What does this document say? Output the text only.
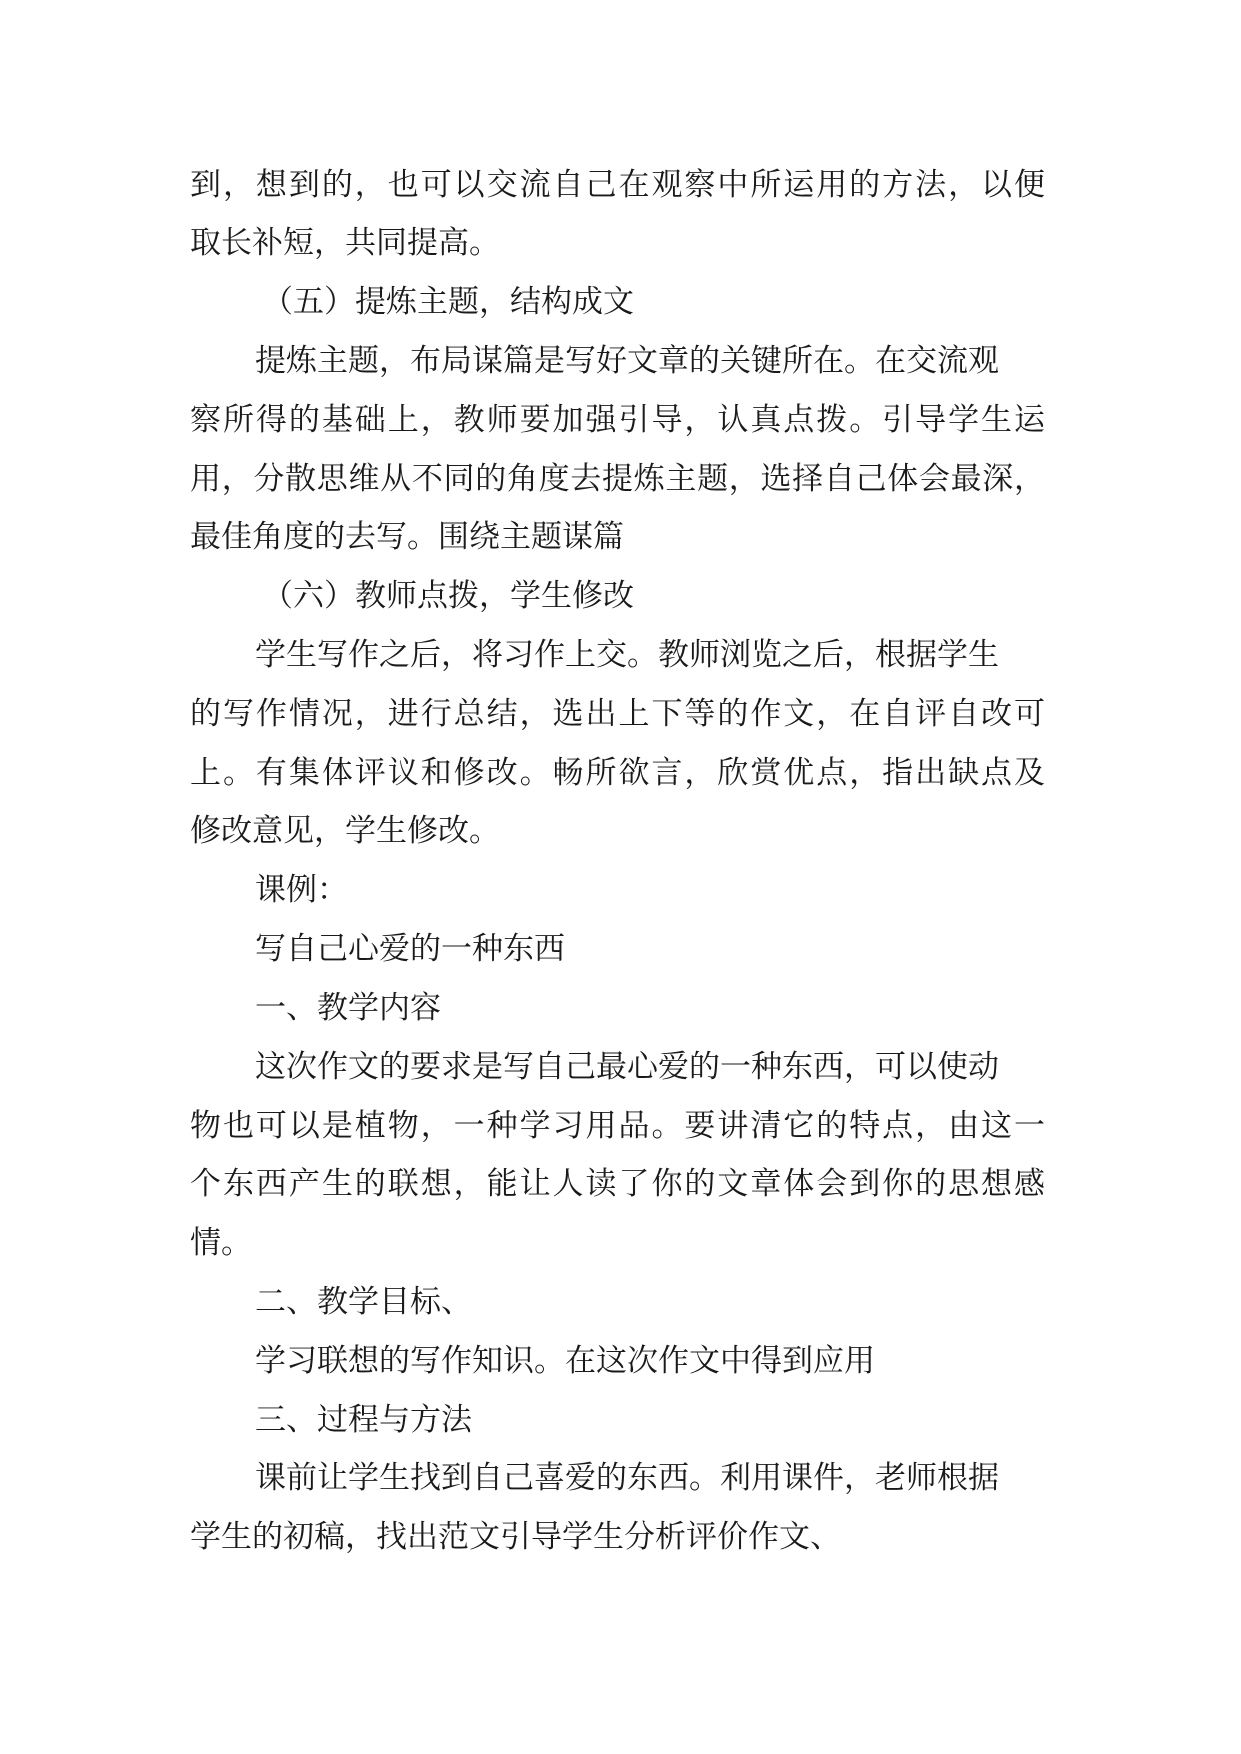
到，想到的，也可以交流自己在观察中所运用的方法，以便
取长补短，共同提高。
（五）提炼主题，结构成文
提炼主题，布局谋篇是写好文章的关键所在。在交流观
察所得的基础上，教师要加强引导，认真点拨。引导学生运
用，分散思维从不同的角度去提炼主题，选择自己体会最深，
最佳角度的去写。围绕主题谋篇
（六）教师点拨，学生修改
学生写作之后，将习作上交。教师浏览之后，根据学生
的写作情况，进行总结，选出上下等的作文，在自评自改可
上。有集体评议和修改。畅所欲言，欣赏优点，指出缺点及
修改意见，学生修改。
课例：
写自己心爱的一种东西
一、教学内容
这次作文的要求是写自己最心爱的一种东西，可以使动
物也可以是植物，一种学习用品。要讲清它的特点，由这一
个东西产生的联想，能让人读了你的文章体会到你的思想感
情。
二、教学目标、
学习联想的写作知识。在这次作文中得到应用
三、过程与方法
课前让学生找到自己喜爱的东西。利用课件，老师根据
学生的初稿，找出范文引导学生分析评价作文、
